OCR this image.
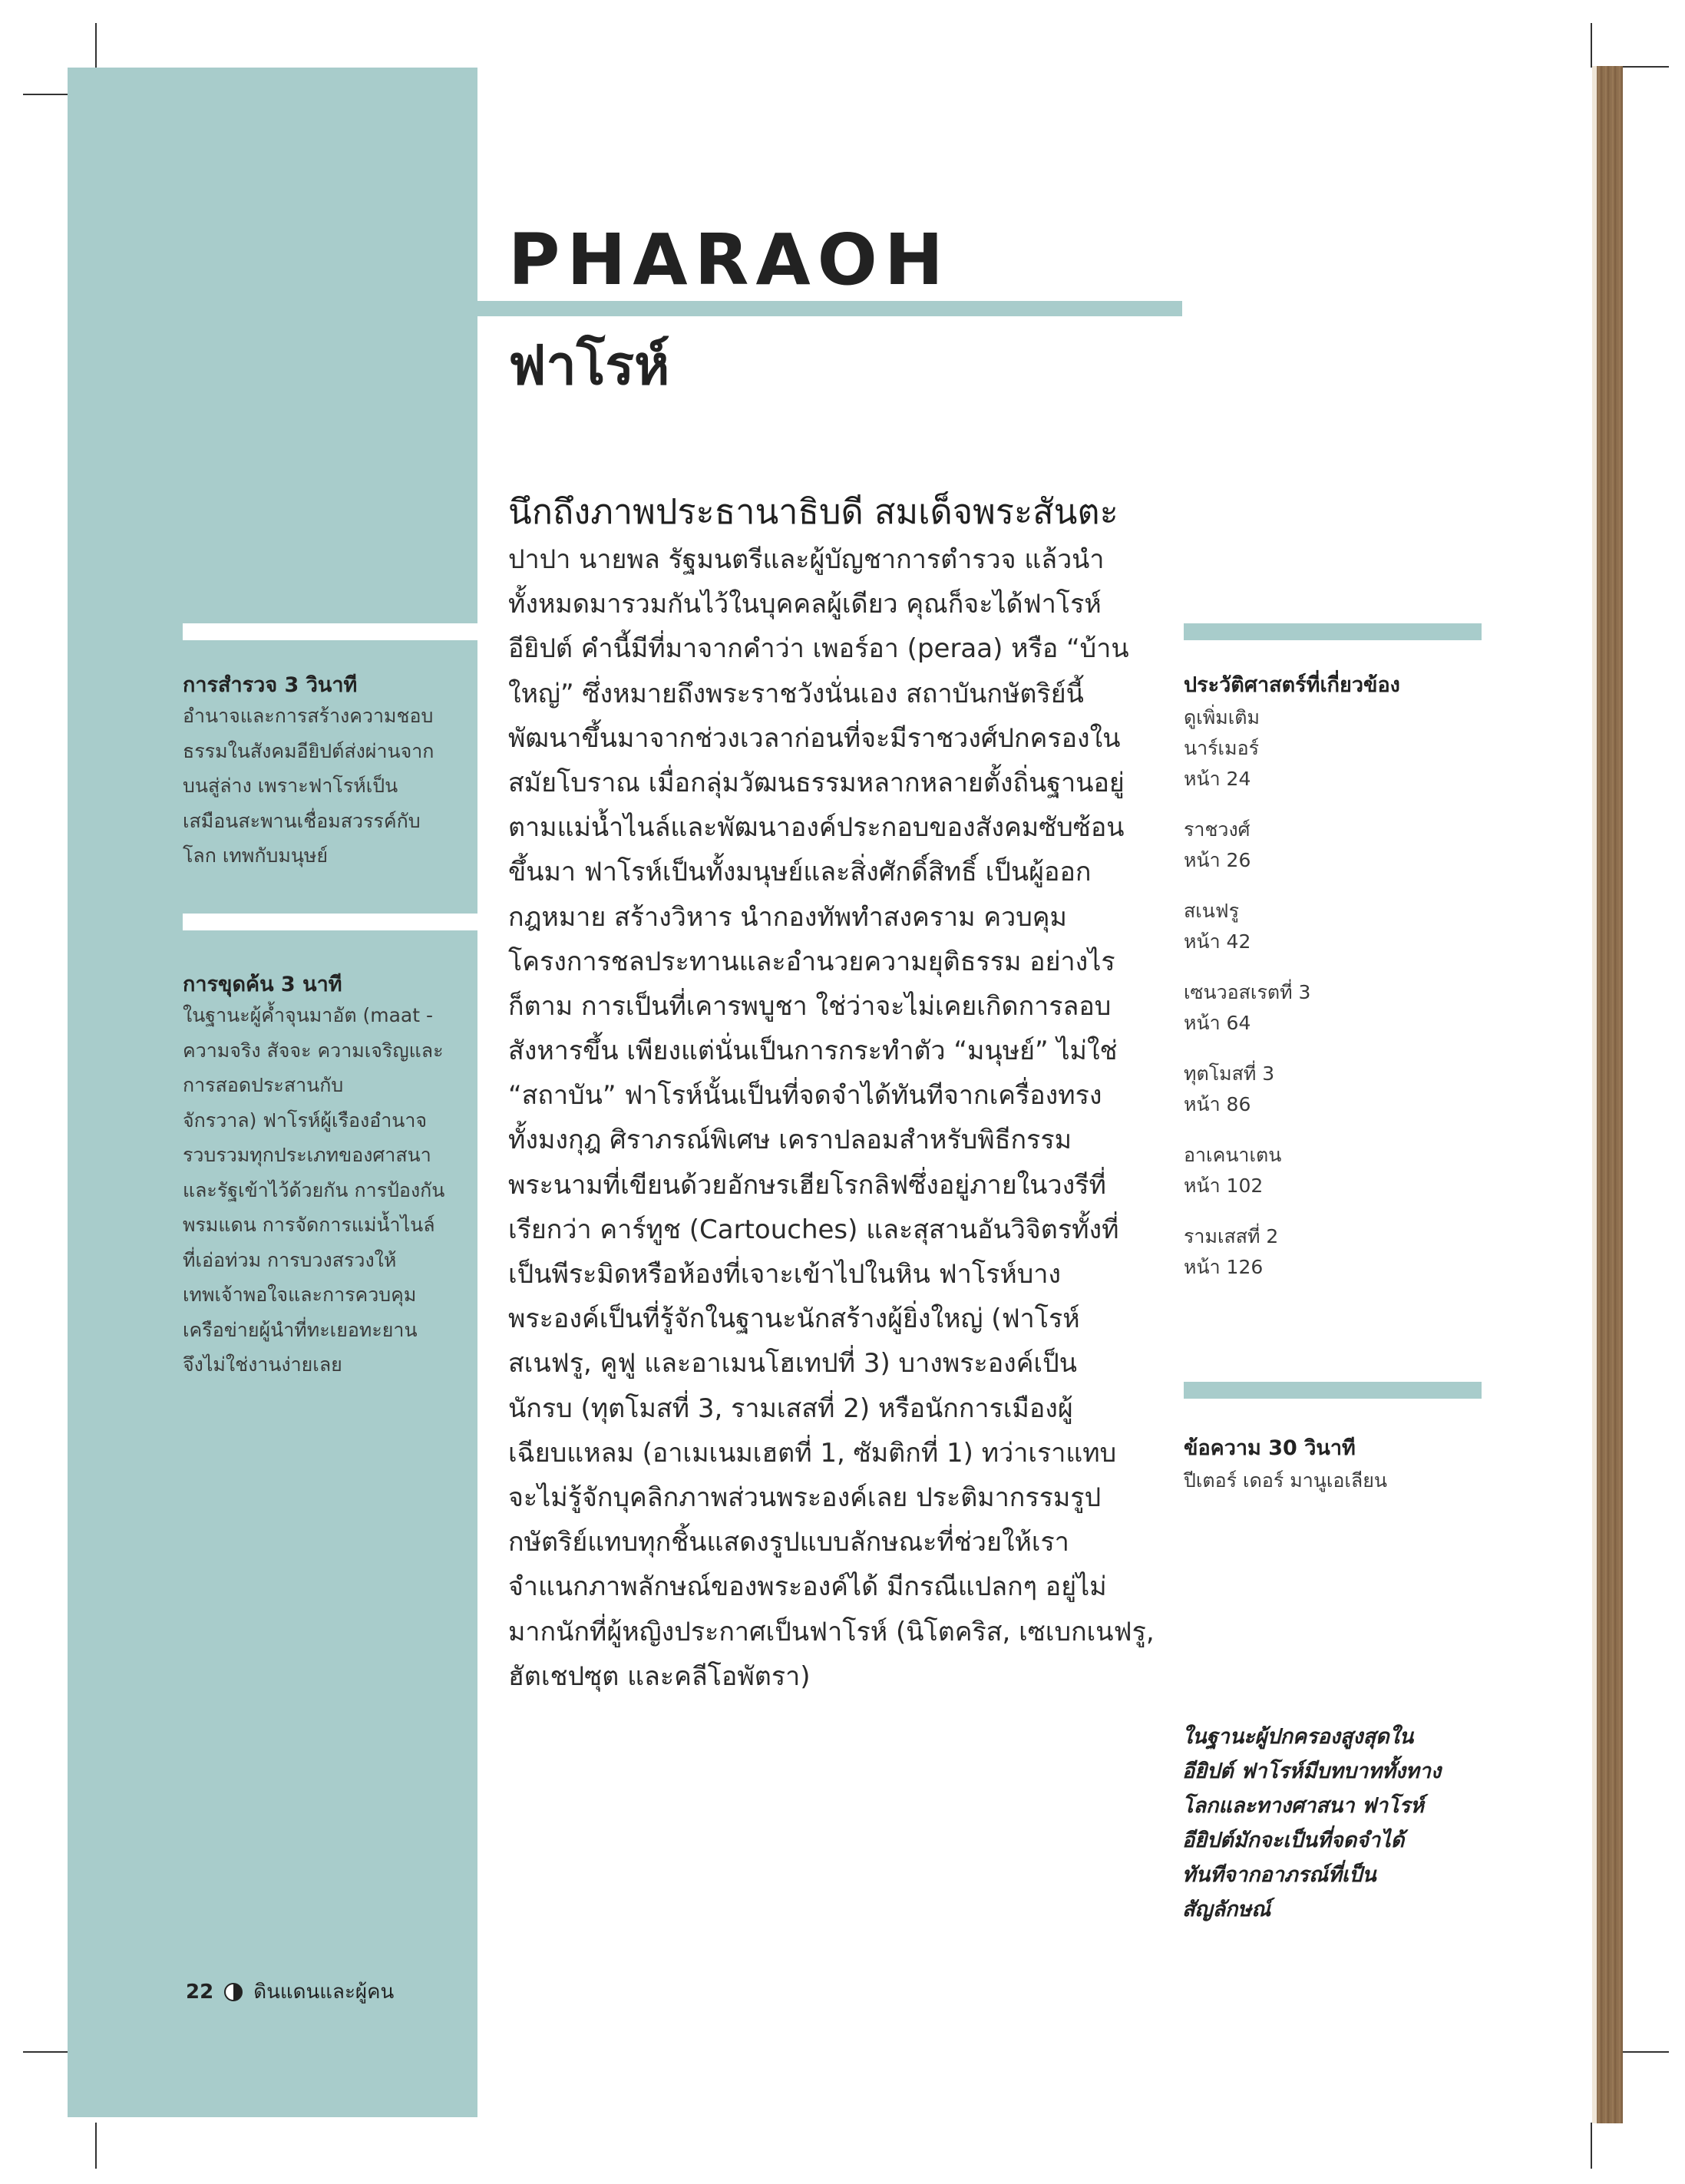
PHARAOH
ฟาโรห์
นึกถึงภาพประธานาธิบดี สมเด็จพระสันตะ
ปาปา นายพล รัฐมนตรีและผู้บัญชาการตำรวจ แล้วนำ
ทั้งหมดมารวมกันไว้ในบุคคลผู้เดียว คุณก็จะได้ฟาโรห์
อียิปต์ คำนี้มีที่มาจากคำว่า เพอร์อา (peraa) หรือ “บ้าน
ใหญ่” ซึ่งหมายถึงพระราชวังนั่นเอง สถาบันกษัตริย์นี้
พัฒนาขึ้นมาจากช่วงเวลาก่อนที่จะมีราชวงศ์ปกครองใน
สมัยโบราณ เมื่อกลุ่มวัฒนธรรมหลากหลายตั้งถิ่นฐานอยู่
ตามแม่น้ำไนล์และพัฒนาองค์ประกอบของสังคมซับซ้อน
ขึ้นมา ฟาโรห์เป็นทั้งมนุษย์และสิ่งศักดิ์สิทธิ์ เป็นผู้ออก
กฎหมาย สร้างวิหาร นำกองทัพทำสงคราม ควบคุม
โครงการชลประทานและอำนวยความยุติธรรม อย่างไร
ก็ตาม การเป็นที่เคารพบูชา ใช่ว่าจะไม่เคยเกิดการลอบ
สังหารขึ้น เพียงแต่นั่นเป็นการกระทำตัว “มนุษย์” ไม่ใช่
“สถาบัน” ฟาโรห์นั้นเป็นที่จดจำได้ทันทีจากเครื่องทรง
ทั้งมงกุฎ ศิราภรณ์พิเศษ เคราปลอมสำหรับพิธีกรรม
พระนามที่เขียนด้วยอักษรเฮียโรกลิฟซึ่งอยู่ภายในวงรีที่
เรียกว่า คาร์ทูช (Cartouches) และสุสานอันวิจิตรทั้งที่
เป็นพีระมิดหรือห้องที่เจาะเข้าไปในหิน ฟาโรห์บาง
พระองค์เป็นที่รู้จักในฐานะนักสร้างผู้ยิ่งใหญ่ (ฟาโรห์
สเนฟรู, คูฟู และอาเมนโฮเทปที่ 3) บางพระองค์เป็น
นักรบ (ทุตโมสที่ 3, รามเสสที่ 2) หรือนักการเมืองผู้
เฉียบแหลม (อาเมเนมเฮตที่ 1, ซัมติกที่ 1) ทว่าเราแทบ
จะไม่รู้จักบุคลิกภาพส่วนพระองค์เลย ประติมากรรมรูป
กษัตริย์แทบทุกชิ้นแสดงรูปแบบลักษณะที่ช่วยให้เรา
จำแนกภาพลักษณ์ของพระองค์ได้ มีกรณีแปลกๆ อยู่ไม่
มากนักที่ผู้หญิงประกาศเป็นฟาโรห์ (นิโตคริส, เซเบกเนฟรู,
ฮัตเชปซุต และคลีโอพัตรา)
การสำรวจ 3 วินาที
อำนาจและการสร้างความชอบ
ธรรมในสังคมอียิปต์ส่งผ่านจาก
บนสู่ล่าง เพราะฟาโรห์เป็น
เสมือนสะพานเชื่อมสวรรค์กับ
โลก เทพกับมนุษย์
การขุดค้น 3 นาที
ในฐานะผู้ค้ำจุนมาอัต (maat -
ความจริง สัจจะ ความเจริญและ
การสอดประสานกับ
จักรวาล) ฟาโรห์ผู้เรืองอำนาจ
รวบรวมทุกประเภทของศาสนา
และรัฐเข้าไว้ด้วยกัน การป้องกัน
พรมแดน การจัดการแม่น้ำไนล์
ที่เอ่อท่วม การบวงสรวงให้
เทพเจ้าพอใจและการควบคุม
เครือข่ายผู้นำที่ทะเยอทะยาน
จึงไม่ใช่งานง่ายเลย
ประวัติศาสตร์ที่เกี่ยวข้อง
ดูเพิ่มเติม
นาร์เมอร์
หน้า 24
ราชวงศ์
หน้า 26
สเนฟรู
หน้า 42
เซนวอสเรตที่ 3
หน้า 64
ทุตโมสที่ 3
หน้า 86
อาเคนาเตน
หน้า 102
รามเสสที่ 2
หน้า 126
ข้อความ 30 วินาที
ปีเตอร์ เดอร์ มานูเอเลียน
ในฐานะผู้ปกครองสูงสุดใน
อียิปต์ ฟาโรห์มีบทบาททั้งทาง
โลกและทางศาสนา ฟาโรห์
อียิปต์มักจะเป็นที่จดจำได้
ทันทีจากอาภรณ์ที่เป็น
สัญลักษณ์
22 ดินแดนและผู้คน
